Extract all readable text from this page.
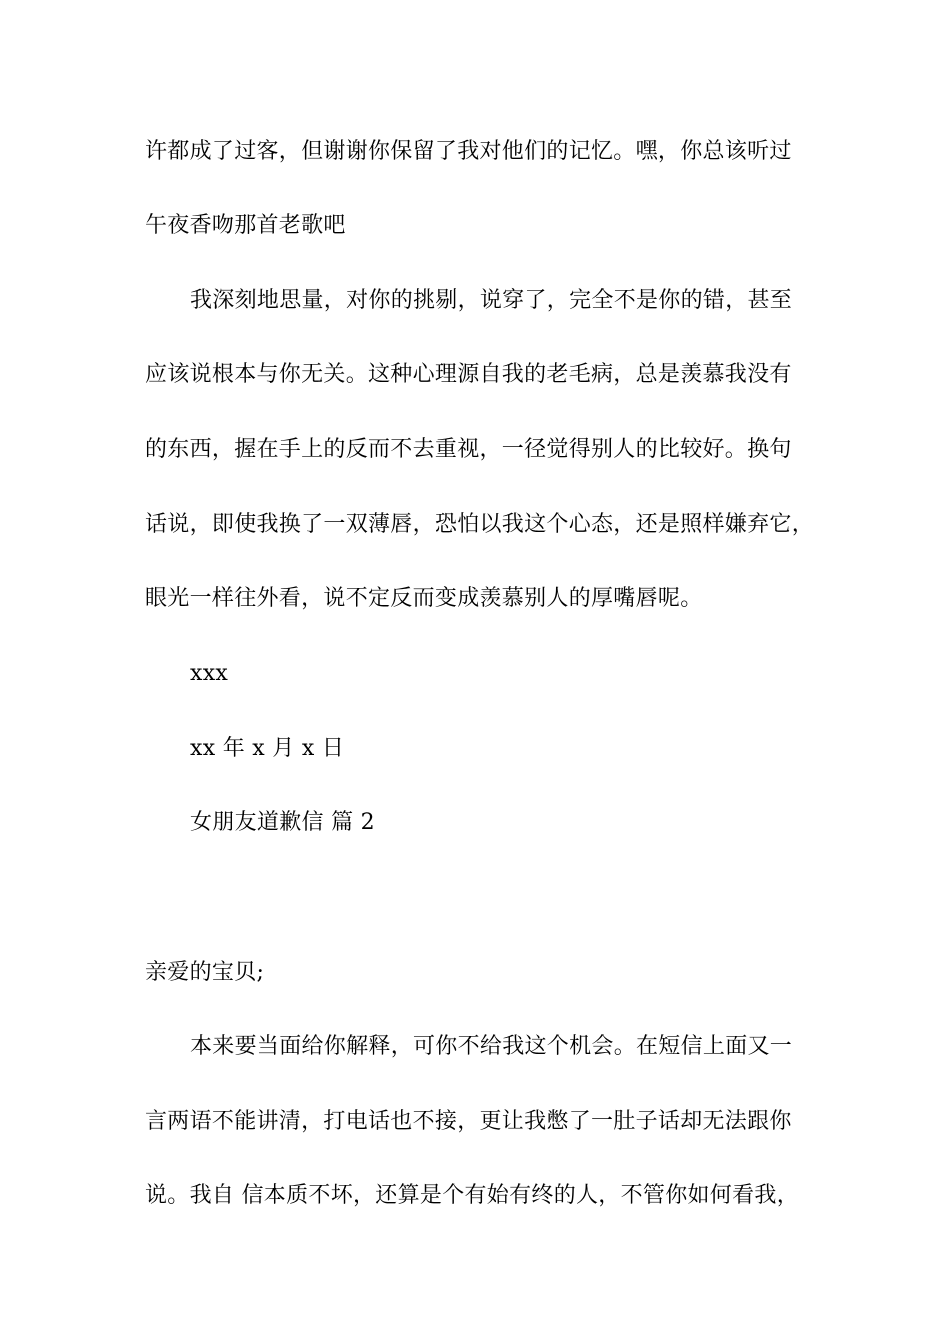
许都成了过客，但谢谢你保留了我对他们的记忆。嘿，你总该听过
午夜香吻那首老歌吧
我深刻地思量，对你的挑剔，说穿了，完全不是你的错，甚至
应该说根本与你无关。这种心理源自我的老毛病，总是羡慕我没有
的东西，握在手上的反而不去重视，一径觉得别人的比较好。换句
话说，即使我换了一双薄唇，恐怕以我这个心态，还是照样嫌弃它，
眼光一样往外看，说不定反而变成羡慕别人的厚嘴唇呢。
xxx
xx 年 x 月 x 日
女朋友道歉信 篇 2
亲爱的宝贝;
本来要当面给你解释，可你不给我这个机会。在短信上面又一
言两语不能讲清，打电话也不接，更让我憋了一肚子话却无法跟你
说。我自 信本质不坏，还算是个有始有终的人，不管你如何看我，
